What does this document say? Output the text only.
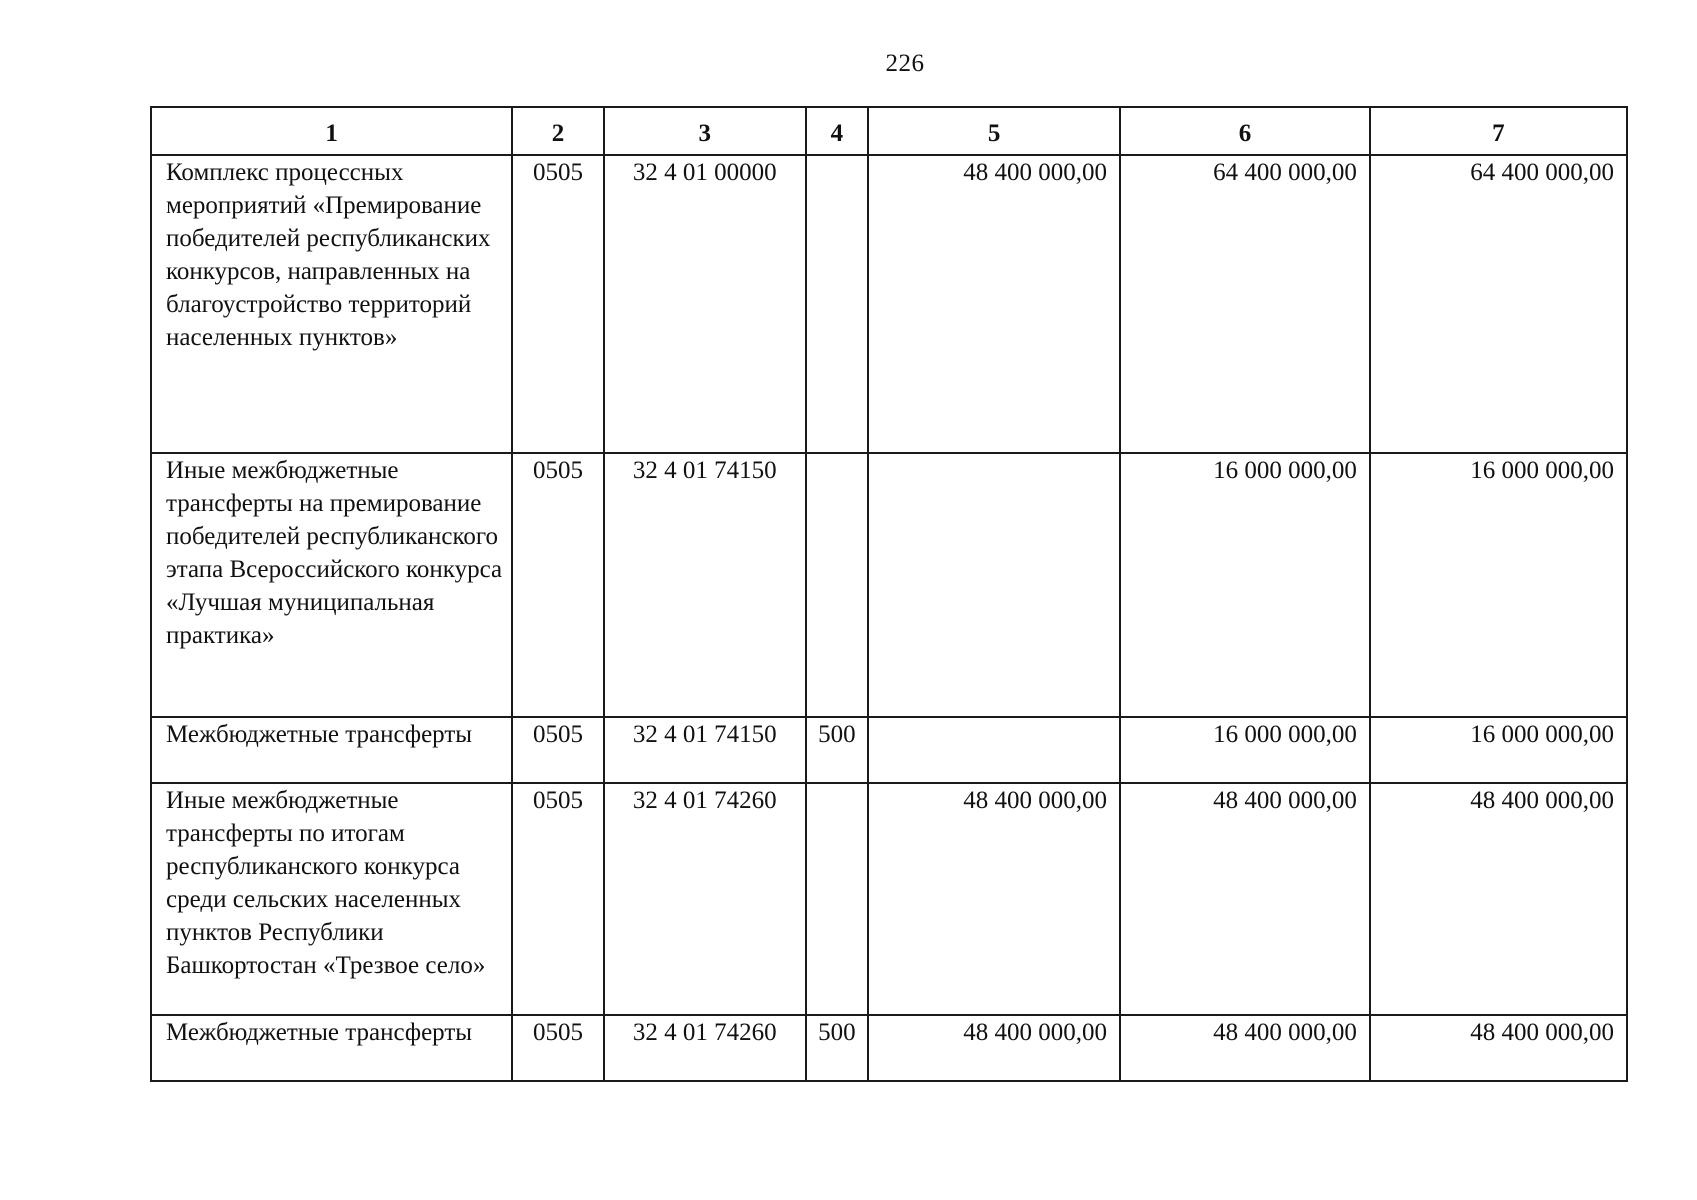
226
1	2	3	4	5	6	7
Комплекс процессных мероприятий «Премирование победителей республиканских конкурсов, направленных на благоустройство территорий населенных пунктов»	0505	32 4 01 00000		48 400 000,00	64 400 000,00	64 400 000,00
Иные межбюджетные трансферты на премирование победителей республиканского этапа Всероссийского конкурса «Лучшая муниципальная практика»	0505	32 4 01 74150			16 000 000,00	16 000 000,00
Межбюджетные трансферты	0505	32 4 01 74150	500		16 000 000,00	16 000 000,00
Иные межбюджетные трансферты по итогам республиканского конкурса среди сельских населенных пунктов Республики Башкортостан «Трезвое село»	0505	32 4 01 74260		48 400 000,00	48 400 000,00	48 400 000,00
Межбюджетные трансферты	0505	32 4 01 74260	500	48 400 000,00	48 400 000,00	48 400 000,00
